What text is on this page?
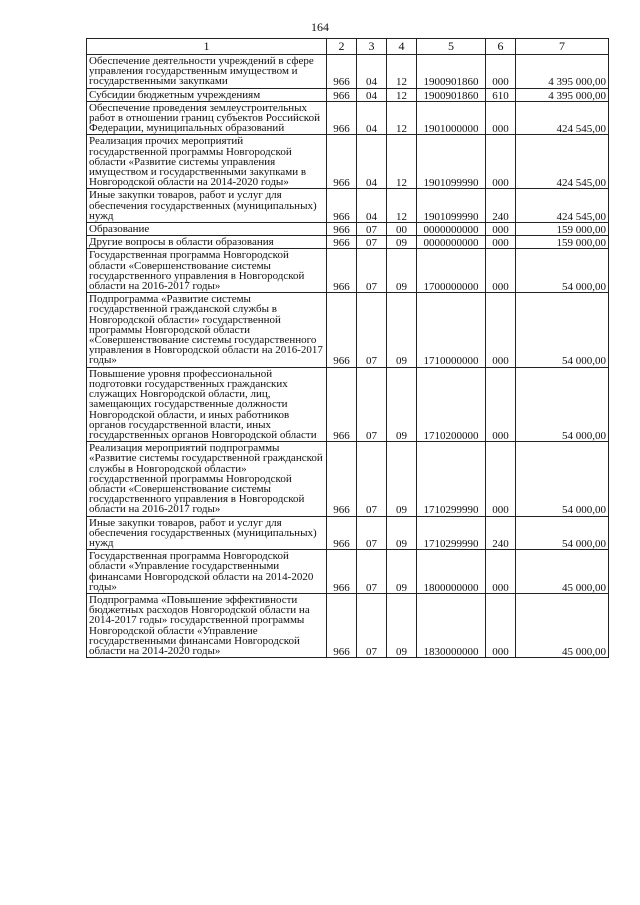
164
1	2	3	4	5	6	7
Обеспечение деятельности учреждений в сфере управления государственным имуществом и государственными закупками	966	04	12	1900901860	000	4 395 000,00
Субсидии бюджетным учреждениям	966	04	12	1900901860	610	4 395 000,00
Обеспечение проведения землеустроительных работ в отношении границ субъектов Российской Федерации, муниципальных образований	966	04	12	1901000000	000	424 545,00
Реализация прочих мероприятий государственной программы Новгородской области «Развитие системы управления имуществом и государственными закупками в Новгородской области на 2014-2020 годы»	966	04	12	1901099990	000	424 545,00
Иные закупки товаров, работ и услуг для обеспечения государственных (муниципальных) нужд	966	04	12	1901099990	240	424 545,00
Образование	966	07	00	0000000000	000	159 000,00
Другие вопросы в области образования	966	07	09	0000000000	000	159 000,00
Государственная программа Новгородской области «Совершенствование системы государственного управления в Новгородской области на 2016-2017 годы»	966	07	09	1700000000	000	54 000,00
Подпрограмма «Развитие системы государственной гражданской службы в Новгородской области» государственной программы Новгородской области «Совершенствование системы государственного управления в Новгородской области на 2016-2017 годы»	966	07	09	1710000000	000	54 000,00
Повышение уровня профессиональной подготовки государственных гражданских служащих Новгородской области, лиц, замещающих государственные должности Новгородской области, и иных работников органов государственной власти, иных государственных органов Новгородской области	966	07	09	1710200000	000	54 000,00
Реализация мероприятий подпрограммы «Развитие системы государственной гражданской службы в Новгородской области» государственной программы Новгородской области «Совершенствование системы государственного управления в Новгородской области на 2016-2017 годы»	966	07	09	1710299990	000	54 000,00
Иные закупки товаров, работ и услуг для обеспечения государственных (муниципальных) нужд	966	07	09	1710299990	240	54 000,00
Государственная программа Новгородской области «Управление государственными финансами Новгородской области на 2014-2020 годы»	966	07	09	1800000000	000	45 000,00
Подпрограмма «Повышение эффективности бюджетных расходов Новгородской области на 2014-2017 годы» государственной программы Новгородской области «Управление государственными финансами Новгородской области на 2014-2020 годы»	966	07	09	1830000000	000	45 000,00
